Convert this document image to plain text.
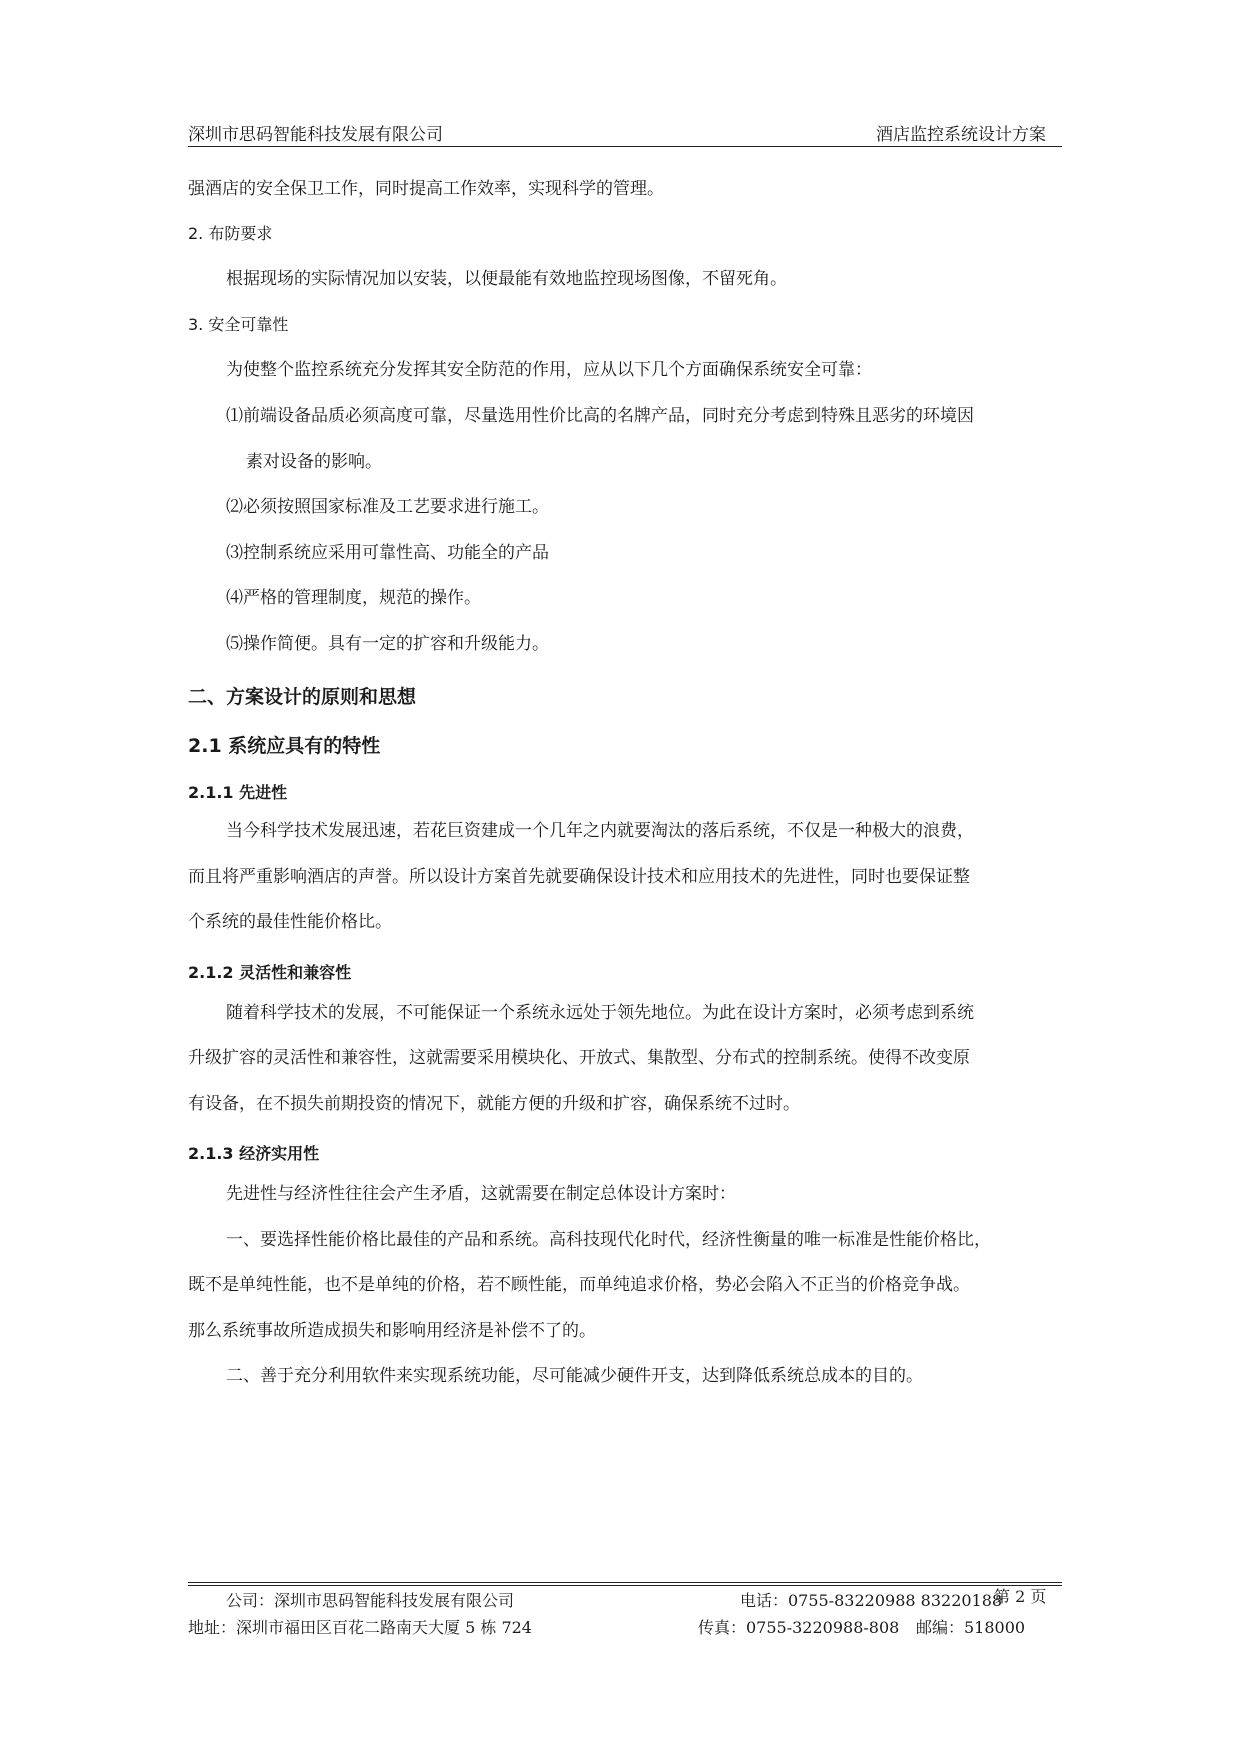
深圳市思码智能科技发展有限公司	酒店监控系统设计方案

强酒店的安全保卫工作，同时提高工作效率，实现科学的管理。

2. 布防要求

根据现场的实际情况加以安装，以便最能有效地监控现场图像，不留死角。

3. 安全可靠性

为使整个监控系统充分发挥其安全防范的作用，应从以下几个方面确保系统安全可靠：

⑴前端设备品质必须高度可靠，尽量选用性价比高的名牌产品，同时充分考虑到特殊且恶劣的环境因

素对设备的影响。

⑵必须按照国家标准及工艺要求进行施工。

⑶控制系统应采用可靠性高、功能全的产品

⑷严格的管理制度，规范的操作。

⑸操作简便。具有一定的扩容和升级能力。

二、方案设计的原则和思想
2.1 系统应具有的特性
2.1.1 先进性

当今科学技术发展迅速，若花巨资建成一个几年之内就要淘汰的落后系统，不仅是一种极大的浪费，

而且将严重影响酒店的声誉。所以设计方案首先就要确保设计技术和应用技术的先进性，同时也要保证整

个系统的最佳性能价格比。

2.1.2 灵活性和兼容性

随着科学技术的发展，不可能保证一个系统永远处于领先地位。为此在设计方案时，必须考虑到系统

升级扩容的灵活性和兼容性，这就需要采用模块化、开放式、集散型、分布式的控制系统。使得不改变原

有设备，在不损失前期投资的情况下，就能方便的升级和扩容，确保系统不过时。

2.1.3 经济实用性

先进性与经济性往往会产生矛盾，这就需要在制定总体设计方案时：

一、要选择性能价格比最佳的产品和系统。高科技现代化时代，经济性衡量的唯一标准是性能价格比，

既不是单纯性能，也不是单纯的价格，若不顾性能，而单纯追求价格，势必会陷入不正当的价格竞争战。

那么系统事故所造成损失和影响用经济是补偿不了的。

二、善于充分利用软件来实现系统功能，尽可能减少硬件开支，达到降低系统总成本的目的。

公司：深圳市思码智能科技发展有限公司	电话：0755-83220988 83220188
第 2 页
地址：深圳市福田区百花二路南天大厦 5 栋 724	传真：0755-3220988-808 邮编：518000
